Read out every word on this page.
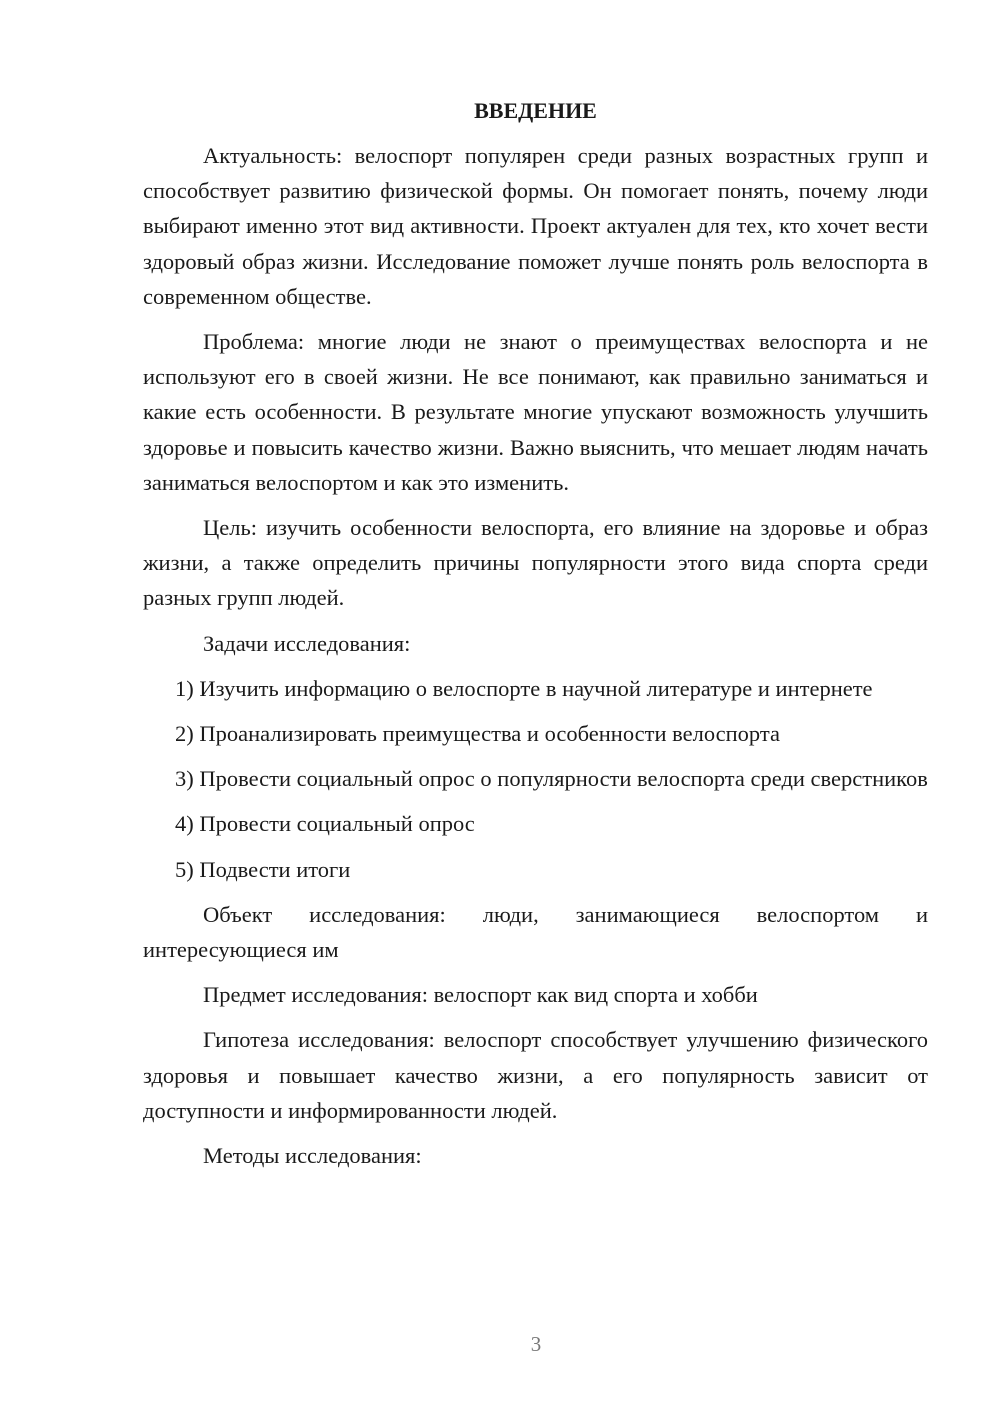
ВВЕДЕНИЕ

Актуальность: велоспорт популярен среди разных возрастных групп и способствует развитию физической формы. Он помогает понять, почему люди выбирают именно этот вид активности. Проект актуален для тех, кто хочет вести здоровый образ жизни. Исследование поможет лучше понять роль велоспорта в современном обществе.

Проблема: многие люди не знают о преимуществах велоспорта и не используют его в своей жизни. Не все понимают, как правильно заниматься и какие есть особенности. В результате многие упускают возможность улучшить здоровье и повысить качество жизни. Важно выяснить, что мешает людям начать заниматься велоспортом и как это изменить.

Цель: изучить особенности велоспорта, его влияние на здоровье и образ жизни, а также определить причины популярности этого вида спорта среди разных групп людей.

Задачи исследования:

1) Изучить информацию о велоспорте в научной литературе и интернете

2) Проанализировать преимущества и особенности велоспорта

3) Провести социальный опрос о популярности велоспорта среди сверстников

4) Провести социальный опрос

5) Подвести итоги

Объект исследования: люди, занимающиеся велоспортом и интересующиеся им

Предмет исследования: велоспорт как вид спорта и хобби

Гипотеза исследования: велоспорт способствует улучшению физического здоровья и повышает качество жизни, а его популярность зависит от доступности и информированности людей.

Методы исследования:

3
